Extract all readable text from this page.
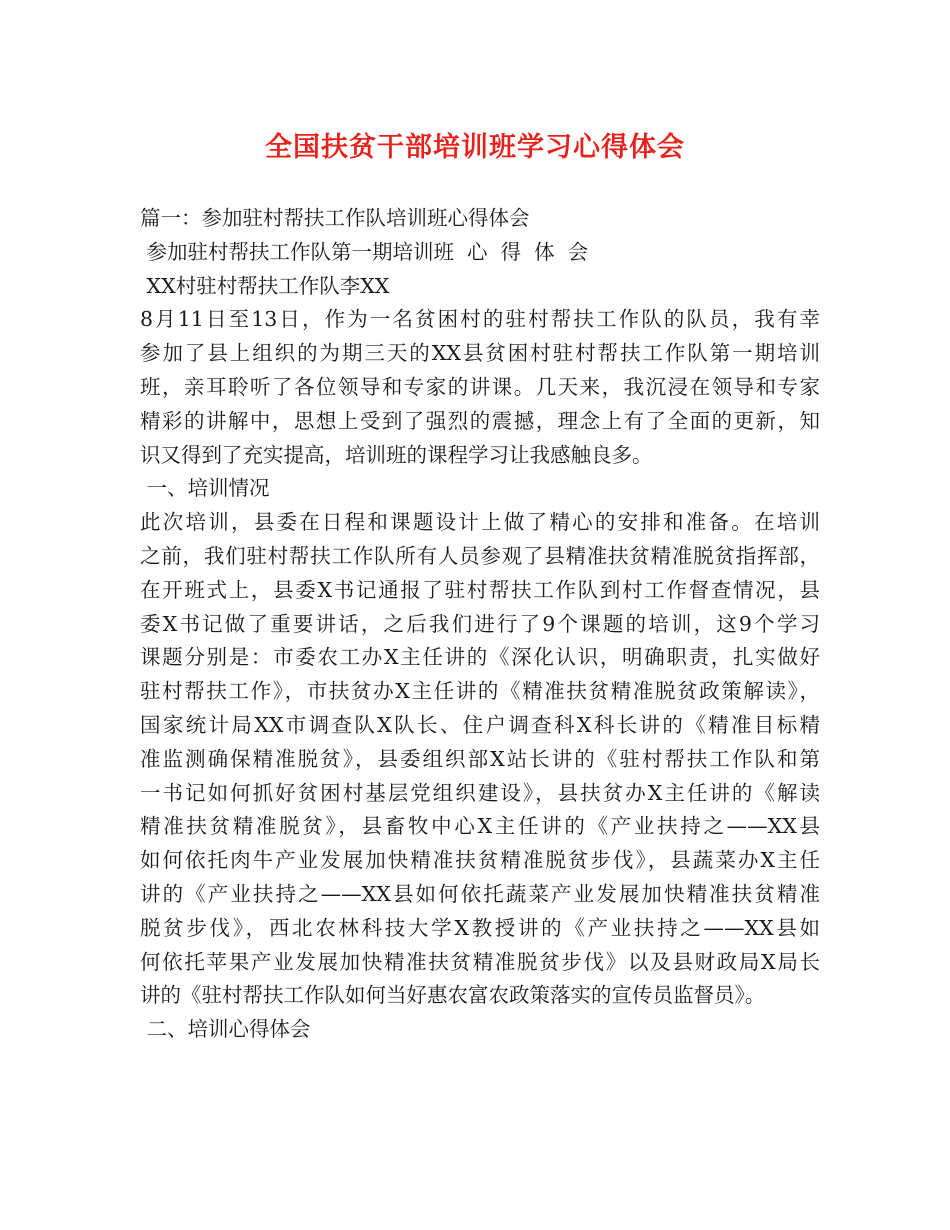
全国扶贫干部培训班学习心得体会
篇一：参加驻村帮扶工作队培训班心得体会
参加驻村帮扶工作队第一期培训班  心  得  体  会
XX村驻村帮扶工作队李XX
8月11日至13日，作为一名贫困村的驻村帮扶工作队的队员，我有幸
参加了县上组织的为期三天的XX县贫困村驻村帮扶工作队第一期培训
班，亲耳聆听了各位领导和专家的讲课。几天来，我沉浸在领导和专家
精彩的讲解中，思想上受到了强烈的震撼，理念上有了全面的更新，知
识又得到了充实提高，培训班的课程学习让我感触良多。
一、培训情况
此次培训，县委在日程和课题设计上做了精心的安排和准备。在培训
之前，我们驻村帮扶工作队所有人员参观了县精准扶贫精准脱贫指挥部，
在开班式上，县委X书记通报了驻村帮扶工作队到村工作督查情况，县
委X书记做了重要讲话，之后我们进行了9个课题的培训，这9个学习
课题分别是：市委农工办X主任讲的《深化认识，明确职责，扎实做好
驻村帮扶工作》，市扶贫办X主任讲的《精准扶贫精准脱贫政策解读》，
国家统计局XX市调查队X队长、住户调查科X科长讲的《精准目标精
准监测确保精准脱贫》，县委组织部X站长讲的《驻村帮扶工作队和第
一书记如何抓好贫困村基层党组织建设》，县扶贫办X主任讲的《解读
精准扶贫精准脱贫》，县畜牧中心X主任讲的《产业扶持之——XX县
如何依托肉牛产业发展加快精准扶贫精准脱贫步伐》，县蔬菜办X主任
讲的《产业扶持之——XX县如何依托蔬菜产业发展加快精准扶贫精准
脱贫步伐》，西北农林科技大学X教授讲的《产业扶持之——XX县如
何依托苹果产业发展加快精准扶贫精准脱贫步伐》以及县财政局X局长
讲的《驻村帮扶工作队如何当好惠农富农政策落实的宣传员监督员》。
二、培训心得体会
